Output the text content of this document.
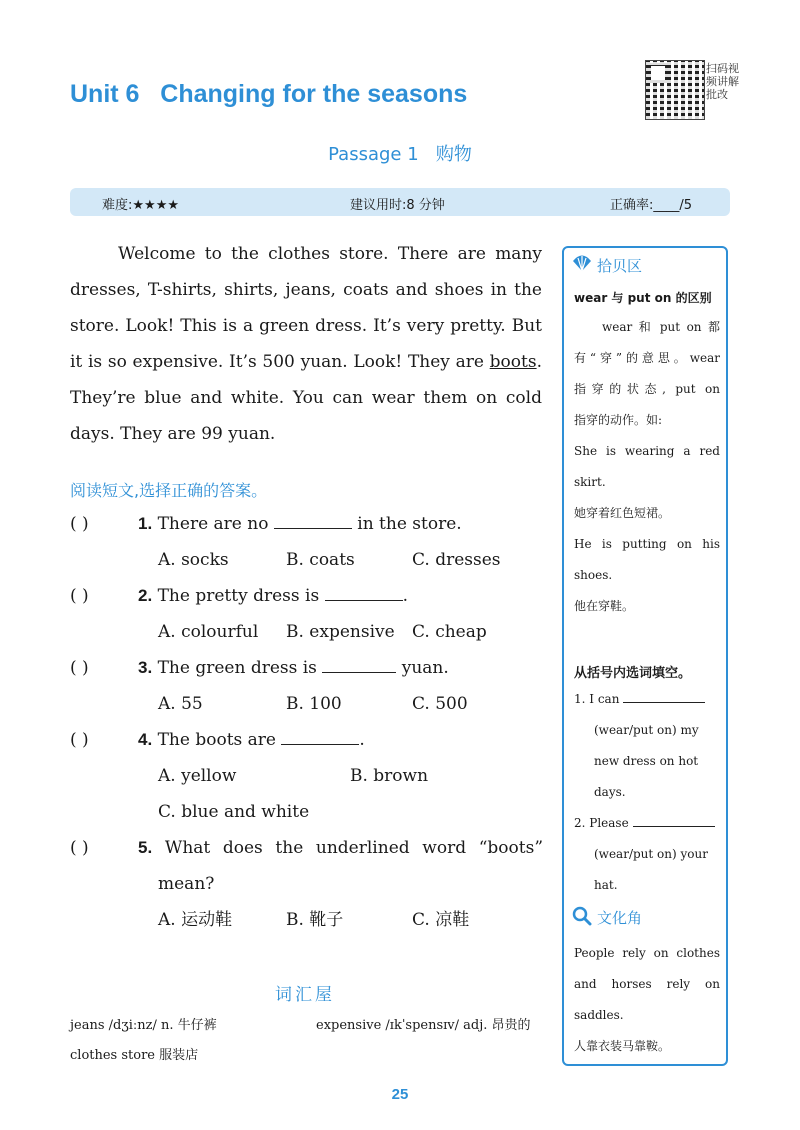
Unit 6   Changing for the seasons
扫码视频讲解批改
Passage 1   购物
难度:★★★★	建议用时:8 分钟	正确率:____/5

Welcome to the clothes store. There are many dresses, T-shirts, shirts, jeans, coats and shoes in the store. Look! This is a green dress. It’s very pretty. But it is so expensive. It’s 500 yuan. Look! They are boots. They’re blue and white. You can wear them on cold days. They are 99 yuan.

阅读短文,选择正确的答案。
( )	1. There are no	in the store.
A. socks	B. coats	C. dresses
( )	2. The pretty dress is	.
A. colourful B. expensive C. cheap
( )	3. The green dress is	yuan.
A. 55	B. 100	C. 500
( )	4. The boots are	.
A. yellow	B. brown
C. blue and white
( )	5. What does the underlined word “boots”
mean?
A. 运动鞋	B. 靴子	C. 凉鞋
词汇屋
jeans /dʒiːnz/ n. 牛仔裤	expensive /ɪkˈspensɪv/ adj. 昂贵的
clothes store 服装店
25
拾贝区
wear 与 put on 的区别
wear 和 put on 都
有“穿”的意思。wear
指穿的状态, put on
指穿的动作。如:
She is wearing a red
skirt.
她穿着红色短裙。
He is putting on his
shoes.
他在穿鞋。
从括号内选词填空。
1. I can
(wear/put on) my
new dress on hot
days.
2. Please
(wear/put on) your
hat.
文化角
People rely on clothes
and horses rely on
saddles.
人靠衣装马靠鞍。
